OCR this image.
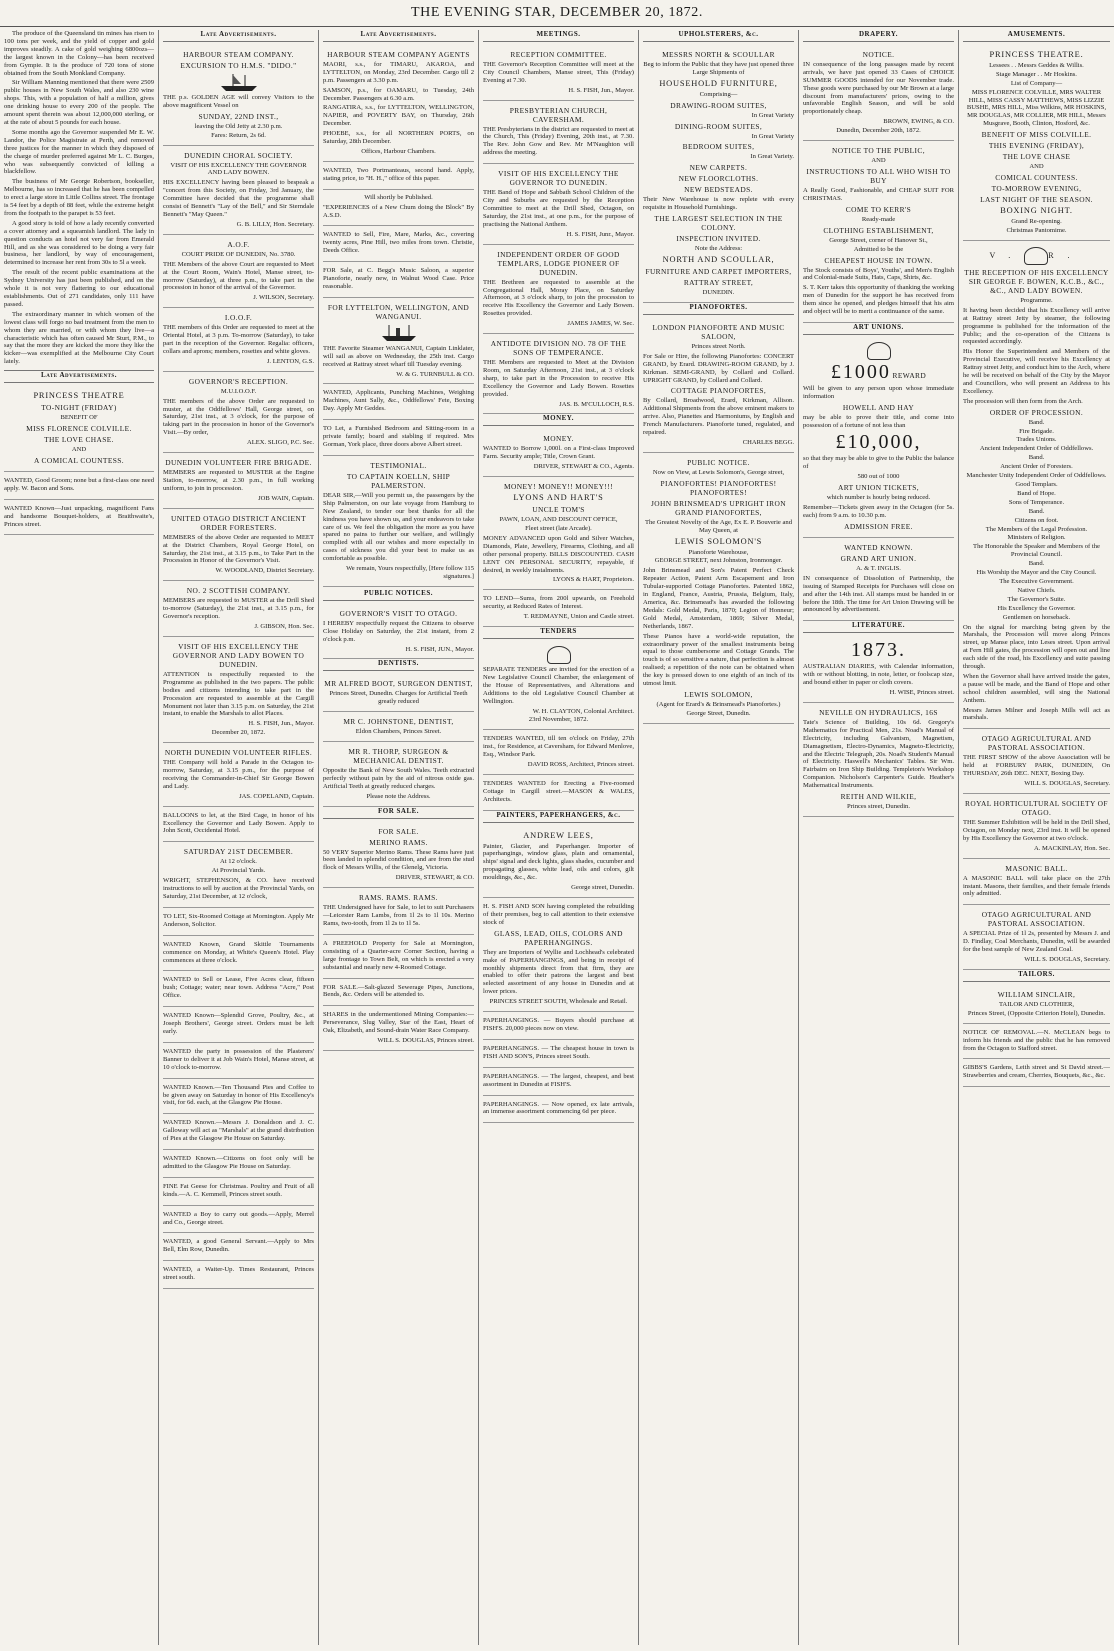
THE EVENING STAR, DECEMBER 20, 1872.

The produce of the Queensland tin mines has risen to 100 tons per week, and the yield of copper and gold improves steadily. A cake of gold weighing 6800ozs—the largest known in the Colony—has been received from Gympie. It is the produce of 720 tons of stone obtained from the South Monkland Company.

Sir William Manning mentioned that there were 2509 public houses in New South Wales, and also 230 wine shops. This, with a population of half a million, gives one drinking house to every 200 of the people. The amount spent therein was about 12,000,000 sterling, or at the rate of about 5 pounds for each house.

Some months ago the Governor suspended Mr E. W. Landor, the Police Magistrate at Perth, and removed three justices for the manner in which they disposed of the charge of murder preferred against Mr L. C. Burges, who was subsequently convicted of killing a blackfellow.

The business of Mr George Robertson, bookseller, Melbourne, has so increased that he has been compelled to erect a large store in Little Collins street. The frontage is 54 feet by a depth of 88 feet, while the extreme height from the footpath to the parapet is 53 feet.

A good story is told of how a lady recently converted a cover attorney and a squeamish landlord. The lady in question conducts an hotel not very far from Emerald Hill, and as she was considered to be doing a very fair business, her landlord, by way of encouragement, determined to increase her rent from 30s to 5l a week.

The result of the recent public examinations at the Sydney University has just been published, and on the whole it is not very flattering to our educational establishments. Out of 271 candidates, only 111 have passed.

The extraordinary manner in which women of the lowest class will forgo no bad treatment from the men to whom they are married, or with whom they live—a characteristic which has often caused Mr Sturt, P.M., to say that the more they are kicked the more they like the kicker—was exemplified at the Melbourne City Court lately.

Late Advertisements.
PRINCESS THEATRE
TO-NIGHT (FRIDAY)
BENEFIT OF
MISS FLORENCE COLVILLE.
THE LOVE CHASE.
AND
A COMICAL COUNTESS.
WANTED, Good Groom; none but a first-class one need apply. W. Bacon and Sons.
WANTED Known—Just unpacking, magnificent Fans and handsome Bouquet-holders, at Braithwaite's, Princes street.
Late Advertisements.
HARBOUR STEAM COMPANY.
EXCURSION TO H.M.S. "DIDO."
THE p.s. GOLDEN AGE will convey Visitors to the above magnificent Vessel on
SUNDAY, 22ND INST.,
leaving the Old Jetty at 2.30 p.m.
Fares: Return, 2s 6d.
DUNEDIN CHORAL SOCIETY.
VISIT OF HIS EXCELLENCY THE GOVERNOR AND LADY BOWEN.
HIS EXCELLENCY having been pleased to bespeak a "concert from this Society, on Friday, 3rd January, the Committee have decided that the programme shall consist of Bennett's "Lay of the Bell," and Sir Sterndale Bennett's "May Queen."
G. B. LILLY, Hon. Secretary.
A.O.F.
COURT PRIDE OF DUNEDIN, No. 3780.
THE Members of the above Court are requested to Meet at the Court Room, Wain's Hotel, Manse street, to-morrow (Saturday), at three p.m., to take part in the procession in honor of the arrival of the Governor.
J. WILSON, Secretary.
I.O.O.F.
THE members of this Order are requested to meet at the Oriental Hotel, at 3 p.m. To-morrow (Saturday), to take part in the reception of the Governor. Regalia: officers, collars and aprons; members, rosettes and white gloves.
J. LENTON, G.S.
GOVERNOR'S RECEPTION.
M.U.I.O.O.F.
THE members of the above Order are requested to muster, at the Oddfellows' Hall, George street, on Saturday, 21st inst., at 3 o'clock, for the purpose of taking part in the procession in honor of the Governor's Visit.—By order,
ALEX. SLIGO, P.C. Sec.
DUNEDIN VOLUNTEER FIRE BRIGADE.
MEMBERS are requested to MUSTER at the Engine Station, to-morrow, at 2.30 p.m., in full working uniform, to join in procession.
JOB WAIN, Captain.
UNITED OTAGO DISTRICT ANCIENT ORDER FORESTERS.
MEMBERS of the above Order are requested to MEET at the District Chambers, Royal George Hotel, on Saturday, the 21st inst., at 3.15 p.m., to Take Part in the Procession in Honor of the Governor's Visit.
W. WOODLAND, District Secretary.
NO. 2 SCOTTISH COMPANY.
MEMBERS are requested to MUSTER at the Drill Shed to-morrow (Saturday), the 21st inst., at 3.15 p.m., for Governor's reception.
J. GIBSON, Hon. Sec.
VISIT OF HIS EXCELLENCY THE GOVERNOR AND LADY BOWEN TO DUNEDIN.
ATTENTION is respectfully requested to the Programme as published in the two papers. The public bodies and citizens intending to take part in the Procession are requested to assemble at the Cargill Monument not later than 3.15 p.m. on Saturday, the 21st instant, to enable the Marshals to allot Places.
H. S. FISH, Jun., Mayor.
December 20, 1872.
NORTH DUNEDIN VOLUNTEER RIFLES.
THE Company will hold a Parade in the Octagon to-morrow, Saturday, at 3.15 p.m., for the purpose of receiving the Commander-in-Chief Sir George Bowen and Lady.
JAS. COPELAND, Captain.
BALLOONS to let, at the Bird Cage, in honor of his Excellency the Governor and Lady Bowen. Apply to John Scott, Occidental Hotel.
SATURDAY 21ST DECEMBER.
At 12 o'clock.
At Provincial Yards.
WRIGHT, STEPHENSON, & CO. have received instructions to sell by auction at the Provincial Yards, on Saturday, 21st December, at 12 o'clock,
TO LET, Six-Roomed Cottage at Mornington. Apply Mr Anderson, Solicitor.
WANTED Known, Grand Skittle Tournaments commence on Monday, at White's Queen's Hotel. Play commences at three o'clock.
WANTED to Sell or Lease, Five Acres clear, fifteen bush; Cottage; water; near town. Address "Acre," Post Office.
WANTED Known—Splendid Grove, Poultry, &c., at Joseph Brothers', George street. Orders must be left early.
WANTED the party in possession of the Plasterers' Banner to deliver it at Job Wain's Hotel, Manse street, at 10 o'clock to-morrow.
WANTED Known.—Ten Thousand Pies and Coffee to be given away on Saturday in honor of His Excellency's visit, for 6d. each, at the Glasgow Pie House.
WANTED Known.—Messrs J. Donaldson and J. C. Galloway will act as "Marshals" at the grand distribution of Pies at the Glasgow Pie House on Saturday.
WANTED Known.—Citizens on foot only will be admitted to the Glasgow Pie House on Saturday.
FINE Fat Geese for Christmas. Poultry and Fruit of all kinds.—A. C. Kemmell, Princes street south.
WANTED a Boy to carry out goods.—Apply, Merrel and Co., George street.
WANTED, a good General Servant.—Apply to Mrs Bell, Elm Row, Dunedin.
WANTED, a Waiter-Up. Times Restaurant, Princes street south.
Late Advertisements.
HARBOUR STEAM COMPANY AGENTS
MAORI, s.s., for TIMARU, AKAROA, and LYTTELTON, on Monday, 23rd December. Cargo till 2 p.m. Passengers at 3.30 p.m.
SAMSON, p.s., for OAMARU, to Tuesday, 24th December. Passengers at 6.30 a.m.
RANGATIRA, s.s., for LYTTELTON, WELLINGTON, NAPIER, and POVERTY BAY, on Thursday, 26th December.
PHOEBE, s.s., for all NORTHERN PORTS, on Saturday, 28th December.
Offices, Harbour Chambers.
WANTED, Two Portmanteaus, second hand. Apply, stating price, to "H. H.," office of this paper.
Will shortly be Published.
"EXPERIENCES of a New Chum doing the Block" By A.S.D.
WANTED to Sell, Fire, Mare, Marks, &c., covering twenty acres, Pine Hill, two miles from town. Christie, Deeds Office.
FOR Sale, at C. Begg's Music Saloon, a superior Pianoforte, nearly new, in Walnut Wood Case. Price reasonable.
FOR LYTTELTON, WELLINGTON, AND WANGANUI.
THE Favorite Steamer WANGANUI, Captain Linklater, will sail as above on Wednesday, the 25th inst. Cargo received at Rattray street wharf till Tuesday evening.
W. & G. TURNBULL & CO.
WANTED, Applicants, Punching Machines, Weighing Machines, Aunt Sally, &c., Oddfellows' Fete, Boxing Day. Apply Mr Geddes.
TO Let, a Furnished Bedroom and Sitting-room in a private family; board and stabling if required. Mrs Gorman, York place, three doors above Albert street.
TESTIMONIAL.
TO CAPTAIN KOELLN, SHIP PALMERSTON.
DEAR SIR,—Will you permit us, the passengers by the Ship Palmerston, on our late voyage from Hamburg to New Zealand, to tender our best thanks for all the kindness you have shown us, and your endeavors to take care of us. We feel the obligation the more as you have spared no pains to further our welfare, and willingly complied with all our wishes and more especially in cases of sickness you did your best to make us as comfortable as possible.
We remain, Yours respectfully, [Here follow 115 signatures.]
PUBLIC NOTICES.
GOVERNOR'S VISIT TO OTAGO.
I HEREBY respectfully request the Citizens to observe Close Holiday on Saturday, the 21st instant, from 2 o'clock p.m.
H. S. FISH, JUN., Mayor.
DENTISTS.
MR ALFRED BOOT, SURGEON DENTIST,
Princes Street, Dunedin. Charges for Artificial Teeth greatly reduced
MR C. JOHNSTONE, DENTIST,
Eldon Chambers, Princes Street.
MR R. THORP, SURGEON & MECHANICAL DENTIST.
Opposite the Bank of New South Wales. Teeth extracted perfectly without pain by the aid of nitrous oxide gas. Artificial Teeth at greatly reduced charges.
Please note the Address.
FOR SALE.
FOR SALE.
MERINO RAMS.
50 VERY Superior Merino Rams. These Rams have just been landed in splendid condition, and are from the stud flock of Messrs Willis, of the Glenelg, Victoria.
DRIVER, STEWART, & CO.
RAMS. RAMS. RAMS.
THE Undersigned have for Sale, to let to suit Purchasers—Leicester Ram Lambs, from 1l 2s to 1l 10s. Merino Rams, two-tooth, from 1l 2s to 1l 5s.
A FREEHOLD Property for Sale at Mornington, consisting of a Quarter-acre Corner Section, having a large frontage to Town Belt, on which is erected a very substantial and nearly new 4-Roomed Cottage.
FOR SALE.—Salt-glazed Sewerage Pipes, Junctions, Bends, &c. Orders will be attended to.
SHARES in the undermentioned Mining Companies:—Perseverance, Slug Valley, Star of the East, Heart of Oak, Elizabeth, and Sound-drain Water Race Company.
WILL S. DOUGLAS, Princes street.
MEETINGS.
RECEPTION COMMITTEE.
THE Governor's Reception Committee will meet at the City Council Chambers, Manse street, This (Friday) Evening at 7.30.
H. S. FISH, Jun., Mayor.
PRESBYTERIAN CHURCH, CAVERSHAM.
THE Presbyterians in the district are requested to meet at the Church, This (Friday) Evening, 20th inst., at 7.30. The Rev. John Gow and Rev. Mr M'Naughton will address the meeting.
VISIT OF HIS EXCELLENCY THE GOVERNOR TO DUNEDIN.
THE Band of Hope and Sabbath School Children of the City and Suburbs are requested by the Reception Committee to meet at the Drill Shed, Octagon, on Saturday, the 21st inst., at one p.m., for the purpose of practising the National Anthem.
H. S. FISH, Junr., Mayor.
INDEPENDENT ORDER OF GOOD TEMPLARS, LODGE PIONEER OF DUNEDIN.
THE Brethren are requested to assemble at the Congregational Hall, Moray Place, on Saturday Afternoon, at 3 o'clock sharp, to join the procession to receive His Excellency the Governor and Lady Bowen. Rosettes provided.
JAMES JAMES, W. Sec.
ANTIDOTE DIVISION NO. 78 OF THE SONS OF TEMPERANCE.
THE Members are requested to Meet at the Division Room, on Saturday Afternoon, 21st inst., at 3 o'clock sharp, to take part in the Procession to receive His Excellency the Governor and Lady Bowen. Rosettes provided.
JAS. B. M'CULLOCH, R.S.
MONEY.
MONEY.
WANTED to Borrow 1,000l. on a First-class Improved Farm. Security ample; Title, Crown Grant.
DRIVER, STEWART & CO., Agents.
MONEY! MONEY!! MONEY!!!
LYONS AND HART'S
UNCLE TOM'S
PAWN, LOAN, AND DISCOUNT OFFICE,
Fleet street (late Arcade).
MONEY ADVANCED upon Gold and Silver Watches, Diamonds, Plate, Jewellery, Firearms, Clothing, and all other personal property. BILLS DISCOUNTED. CASH LENT ON PERSONAL SECURITY, repayable, if desired, in weekly instalments.
LYONS & HART, Proprietors.
TO LEND—Sums, from 200l upwards, on Freehold security, at Reduced Rates of Interest.
T. REDMAYNE, Union and Castle street.
TENDERS
SEPARATE TENDERS are invited for the erection of a New Legislative Council Chamber, the enlargement of the House of Representatives, and Alterations and Additions to the old Legislative Council Chamber at Wellington.
W. H. CLAYTON, Colonial Architect.
23rd November, 1872.
TENDERS WANTED, till ten o'clock on Friday, 27th inst., for Residence, at Caversham, for Edward Menlove, Esq., Windsor Park.
DAVID ROSS, Architect, Princes street.
TENDERS WANTED for Erecting a Five-roomed Cottage in Cargill street.—MASON & WALES, Architects.
PAINTERS, PAPERHANGERS, &c.
ANDREW LEES,
Painter, Glazier, and Paperhanger. Importer of paperhangings, window glass, plain and ornamental, ships' signal and deck lights, glass shades, cucumber and propagating glasses, white lead, oils and colors, gilt mouldings, &c., &c.
George street, Dunedin.
H. S. FISH AND SON having completed the rebuilding of their premises, beg to call attention to their extensive stock of
GLASS, LEAD, OILS, COLORS AND PAPERHANGINGS.
They are Importers of Wyllie and Lochhead's celebrated make of PAPERHANGINGS, and being in receipt of monthly shipments direct from that firm, they are enabled to offer their patrons the largest and best selected assortment of any house in Dunedin and at lower prices.
PRINCES STREET SOUTH, Wholesale and Retail.
PAPERHANGINGS. — Buyers should purchase at FISH'S. 20,000 pieces now on view.
PAPERHANGINGS. — The cheapest house in town is FISH AND SON'S, Princes street South.
PAPERHANGINGS. — The largest, cheapest, and best assortment in Dunedin at FISH'S.
PAPERHANGINGS. — Now opened, ex late arrivals, an immense assortment commencing 6d per piece.
UPHOLSTERERS, &c.
MESSRS NORTH & SCOULLAR
Beg to inform the Public that they have just opened three Large Shipments of
HOUSEHOLD FURNITURE,
Comprising—
DRAWING-ROOM SUITES,
In Great Variety
DINING-ROOM SUITES,
In Great Variety
BEDROOM SUITES,
In Great Variety.
NEW CARPETS.
NEW FLOORCLOTHS.
NEW BEDSTEADS.
Their New Warehouse is now replete with every requisite in Household Furnishings.
THE LARGEST SELECTION IN THE COLONY.
INSPECTION INVITED.
Note the Address:
NORTH AND SCOULLAR,
FURNITURE AND CARPET IMPORTERS,
RATTRAY STREET,
DUNEDIN.
PIANOFORTES.
LONDON PIANOFORTE AND MUSIC SALOON,
Princes street North.
For Sale or Hire, the following Pianofortes: CONCERT GRAND, by Erard. DRAWING-ROOM GRAND, by J. Kirkman. SEMI-GRAND, by Collard and Collard. UPRIGHT GRAND, by Collard and Collard.
COTTAGE PIANOFORTES,
By Collard, Broadwood, Erard, Kirkman, Allison. Additional Shipments from the above eminent makers to arrive. Also, Pianettes and Harmoniums, by English and French Manufacturers. Pianoforte tuned, regulated, and repaired.
CHARLES BEGG.
PUBLIC NOTICE.
Now on View, at Lewis Solomon's, George street,
PIANOFORTES! PIANOFORTES! PIANOFORTES!
JOHN BRINSMEAD'S UPRIGHT IRON GRAND PIANOFORTES,
The Greatest Novelty of the Age, Ex E. P. Bouverie and May Queen, at
LEWIS SOLOMON'S
Pianoforte Warehouse,
GEORGE STREET, next Johnston, Ironmonger.
John Brinsmead and Son's Patent Perfect Check Repeater Action, Patent Arm Escapement and Iron Tubular-supported Cottage Pianofortes. Patented 1862, in England, France, Austria, Prussia, Belgium, Italy, America, &c. Brinsmead's has awarded the following Medals: Gold Medal, Paris, 1870; Legion of Honneur; Gold Medal, Amsterdam, 1869; Silver Medal, Netherlands, 1867.
These Pianos have a world-wide reputation, the extraordinary power of the smallest instruments being equal to those cumbersome and Cottage Grands. The touch is of so sensitive a nature, that perfection is almost realised; a repetition of the note can be obtained when the key is pressed down to one eighth of an inch of its utmost limit.
LEWIS SOLOMON,
(Agent for Erard's & Brinsmead's Pianofortes.)
George Street, Dunedin.
DRAPERY.
NOTICE.
IN consequence of the long passages made by recent arrivals, we have just opened 33 Cases of CHOICE SUMMER GOODS intended for our November trade. These goods were purchased by our Mr Brown at a large discount from manufacturers' prices, owing to the unfavorable English Season, and will be sold proportionately cheap.
BROWN, EWING, & CO.
Dunedin, December 20th, 1872.
NOTICE TO THE PUBLIC,
AND
INSTRUCTIONS TO ALL WHO WISH TO BUY
A Really Good, Fashionable, and CHEAP SUIT FOR CHRISTMAS.
COME TO KERR'S
Ready-made
CLOTHING ESTABLISHMENT,
George Street, corner of Hanover St.,
Admitted to be the
CHEAPEST HOUSE IN TOWN.
The Stock consists of Boys', Youths', and Men's English and Colonial-made Suits, Hats, Caps, Shirts, &c.
S. T. Kerr takes this opportunity of thanking the working men of Dunedin for the support he has received from them since he opened, and pledges himself that his aim and object will be to merit a continuance of the same.
ART UNIONS.
£1000 REWARD
Will be given to any person upon whose immediate information
HOWELL AND HAY
may be able to prove their title, and come into possession of a fortune of not less than
£10,000,
so that they may be able to give to the Public the balance of
580 out of 1000
ART UNION TICKETS,
which number is hourly being reduced.
Remember—Tickets given away in the Octagon (for 5s. each) from 9 a.m. to 10.30 p.m.
ADMISSION FREE.
WANTED KNOWN.
GRAND ART UNION.
A. & T. INGLIS.
IN consequence of Dissolution of Partnership, the issuing of Stamped Receipts for Purchases will close on and after the 14th inst. All stamps must be handed in or before the 18th. The time for Art Union Drawing will be announced by advertisement.
LITERATURE.
1873.
AUSTRALIAN DIARIES, with Calendar information, with or without blotting, in note, letter, or foolscap size, and bound either in paper or cloth covers.
H. WISE, Princes street.
NEVILLE ON HYDRAULICS, 16S
Tate's Science of Building, 10s 6d. Gregory's Mathematics for Practical Men, 21s. Noad's Manual of Electricity, including Galvanism, Magnetism, Diamagnetism, Electro-Dynamics, Magneto-Electricity, and the Electric Telegraph, 20s. Noad's Student's Manual of Electricity. Haswell's Mechanics' Tables. Sir Wm. Fairbairn on Iron Ship Building. Templeton's Workshop Companion. Nicholson's Carpenter's Guide. Heather's Mathematical Instruments.
REITH AND WILKIE,
Princes street, Dunedin.
AMUSEMENTS.
PRINCESS THEATRE.
Lessees . . Messrs Geddes & Willis.
Stage Manager . . Mr Hoskins.
List of Company—
MISS FLORENCE COLVILLE, MRS WALTER HILL, MISS CASSY MATTHEWS, MISS LIZZIE BUSHE, MRS HILL, Miss Wilkins, MR HOSKINS, MR DOUGLAS, MR COLLIER, MR HILL, Messrs Musgrave, Booth, Clinton, Hosford, &c.
BENEFIT OF MISS COLVILLE.
THIS EVENING (FRIDAY),
THE LOVE CHASE
AND
COMICAL COUNTESS.
TO-MORROW EVENING,
LAST NIGHT OF THE SEASON.
BOXING NIGHT.
Grand Re-opening.
Christmas Pantomime.
V.	R.
THE RECEPTION OF HIS EXCELLENCY SIR GEORGE F. BOWEN, K.C.B., &C., &C., AND LADY BOWEN.
Programme.
It having been decided that his Excellency will arrive at Rattray street Jetty by steamer, the following programme is published for the information of the Public; and the co-operation of the Citizens is requested accordingly.
His Honor the Superintendent and Members of the Provincial Executive, will receive his Excellency at Rattray street Jetty, and conduct him to the Arch, where he will be received on behalf of the City by the Mayor and Councillors, who will present an Address to his Excellency.
The procession will then form from the Arch.
ORDER OF PROCESSION.
Band.
Fire Brigade.
Trades Unions.
Ancient Independent Order of Oddfellows.
Band.
Ancient Order of Foresters.
Manchester Unity Independent Order of Oddfellows.
Good Templars.
Band of Hope.
Sons of Temperance.
Band.
Citizens on foot.
The Members of the Legal Profession.
Ministers of Religion.
The Honorable the Speaker and Members of the Provincial Council.
Band.
His Worship the Mayor and the City Council.
The Executive Government.
Native Chiefs.
The Governor's Suite.
His Excellency the Governor.
Gentlemen on horseback.
On the signal for marching being given by the Marshals, the Procession will move along Princes street, up Manse place, into Leses street. Upon arrival at Fern Hill gates, the procession will open out and line each side of the road, his Excellency and suite passing through.
When the Governor shall have arrived inside the gates, a pause will be made, and the Band of Hope and other school children assembled, will sing the National Anthem.
Messrs James Milner and Joseph Mills will act as marshals.
OTAGO AGRICULTURAL AND PASTORAL ASSOCIATION.
THE FIRST SHOW of the above Association will be held at FORBURY PARK, DUNEDIN, On THURSDAY, 26th DEC. NEXT, Boxing Day.
WILL S. DOUGLAS, Secretary.
ROYAL HORTICULTURAL SOCIETY OF OTAGO.
THE Summer Exhibition will be held in the Drill Shed, Octagon, on Monday next, 23rd inst. It will be opened by His Excellency the Governor at two o'clock.
A. MACKINLAY, Hon. Sec.
MASONIC BALL.
A MASONIC BALL will take place on the 27th instant. Masons, their families, and their female friends only admitted.
OTAGO AGRICULTURAL AND PASTORAL ASSOCIATION.
A SPECIAL Prize of 1l 2s, presented by Messrs J. and D. Findlay, Coal Merchants, Dunedin, will be awarded for the best sample of New Zealand Coal.
WILL S. DOUGLAS, Secretary.
TAILORS.
WILLIAM SINCLAIR,
TAILOR AND CLOTHIER,
Princes Street, (Opposite Criterion Hotel), Dunedin.
NOTICE OF REMOVAL.—N. McCLEAN begs to inform his friends and the public that he has removed from the Octagon to Stafford street.
GIBBS'S Gardens, Leith street and St David street.—Strawberries and cream, Cherries, Bouquets, &c., &c.
